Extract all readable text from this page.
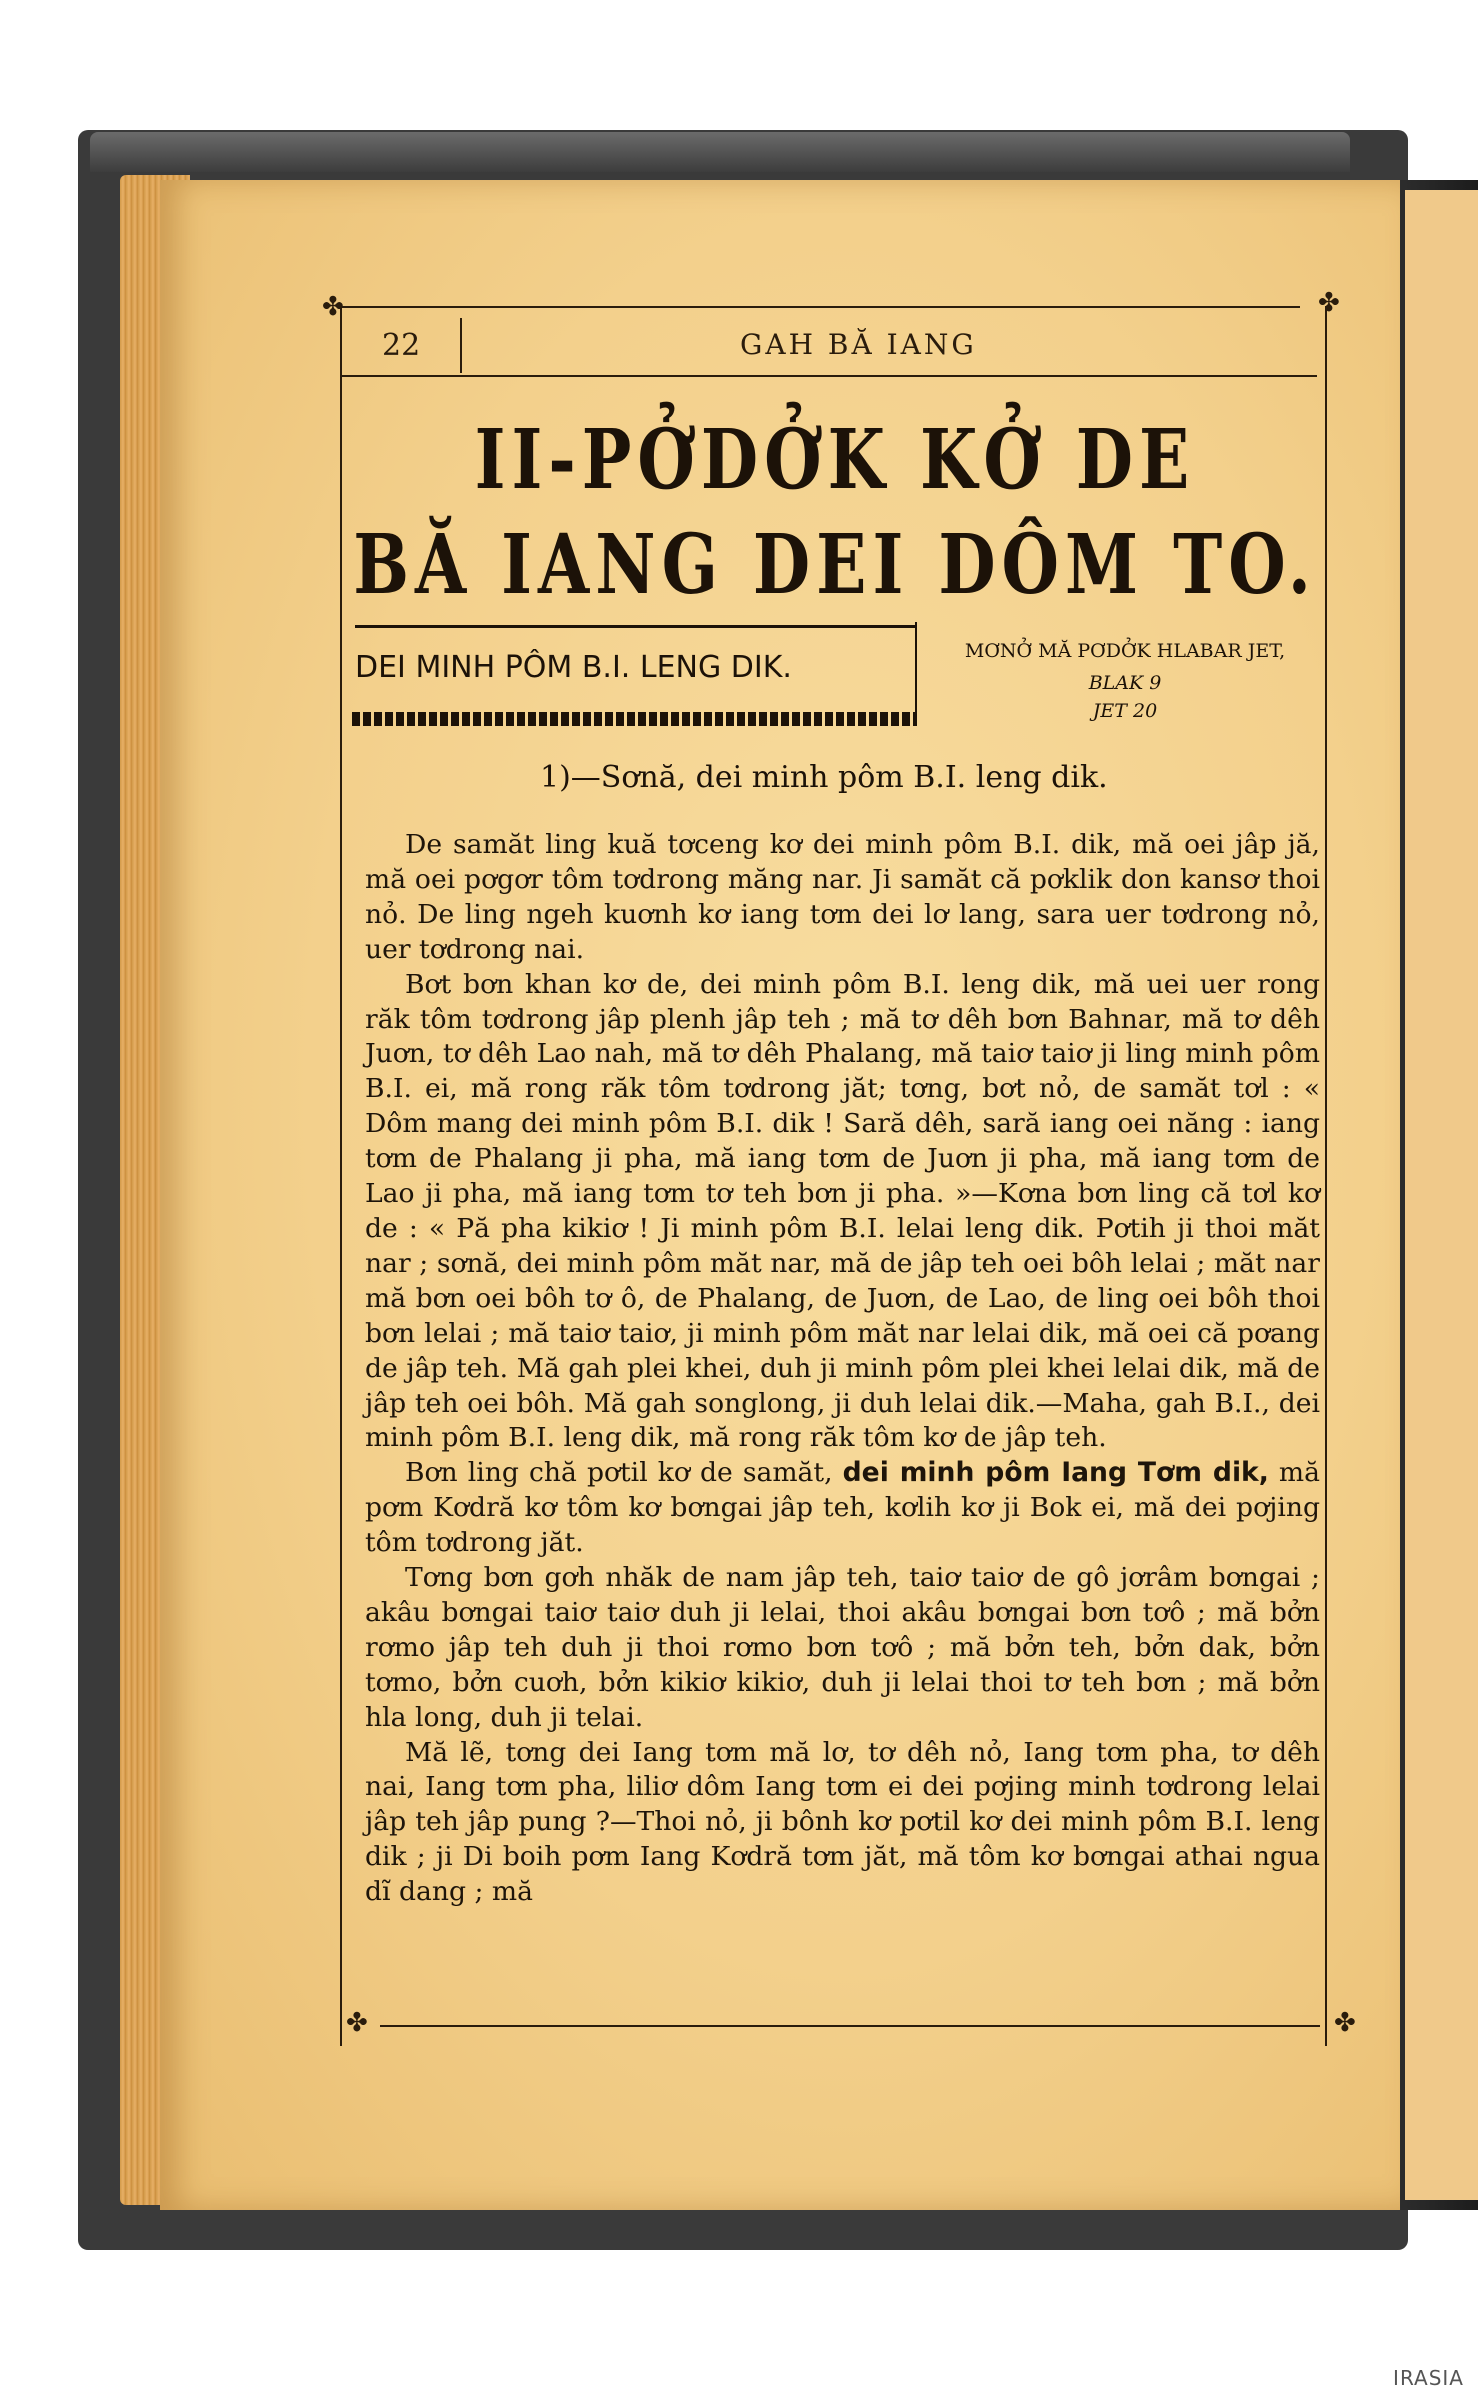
✤	✤
✤	✤
22	GAH BĂ IANG
II-PỞDỞK KỞ DE
BĂ IANG DEI DÔM TO.
DEI MINH PÔM B.I. LENG DIK.	MƠNỞ MĂ PƠDỞK HLABAR JET,
BLAK 9
JET 20
1)—Sơnă, dei minh pôm B.I. leng dik.

De samăt ling kuă tơceng kơ dei minh pôm B.I. dik, mă oei jâp jă, mă oei pơgơr tôm tơdrong măng nar. Ji samăt că pơklik don kansơ thoi nỏ. De ling ngeh kuơnh kơ iang tơm dei lơ lang, sara uer tơdrong nỏ, uer tơdrong nai.

Bơt bơn khan kơ de, dei minh pôm B.I. leng dik, mă uei uer rong răk tôm tơdrong jâp plenh jâp teh ; mă tơ dêh bơn Bahnar, mă tơ dêh Juơn, tơ dêh Lao nah, mă tơ dêh Phalang, mă taiơ taiơ ji ling minh pôm B.I. ei, mă rong răk tôm tơdrong jăt; tơng, bơt nỏ, de samăt tơl : « Dôm mang dei minh pôm B.I. dik ! Sară dêh, sară iang oei năng : iang tơm de Phalang ji pha, mă iang tơm de Juơn ji pha, mă iang tơm de Lao ji pha, mă iang tơm tơ teh bơn ji pha. »—Kơna bơn ling că tơl kơ de : « Pă pha kikiơ ! Ji minh pôm B.I. lelai leng dik. Pơtih ji thoi măt nar ; sơnă, dei minh pôm măt nar, mă de jâp teh oei bôh lelai ; măt nar mă bơn oei bôh tơ ô, de Phalang, de Juơn, de Lao, de ling oei bôh thoi bơn lelai ; mă taiơ taiơ, ji minh pôm măt nar lelai dik, mă oei că pơang de jâp teh. Mă gah plei khei, duh ji minh pôm plei khei lelai dik, mă de jâp teh oei bôh. Mă gah songlong, ji duh lelai dik.—Maha, gah B.I., dei minh pôm B.I. leng dik, mă rong răk tôm kơ de jâp teh.

Bơn ling chă pơtil kơ de samăt, dei minh pôm Iang Tơm dik, mă pơm Kơdră kơ tôm kơ bơngai jâp teh, kơlih kơ ji Bok ei, mă dei pơjing tôm tơdrong jăt.

Tơng bơn gơh nhăk de nam jâp teh, taiơ taiơ de gô jơrâm bơngai ; akâu bơngai taiơ taiơ duh ji lelai, thoi akâu bơngai bơn tơô ; mă bởn rơmo jâp teh duh ji thoi rơmo bơn tơô ; mă bởn teh, bởn dak, bởn tơmo, bởn cuơh, bởn kikiơ kikiơ, duh ji lelai thoi tơ teh bơn ; mă bởn hla long, duh ji telai.

Mă lẽ, tơng dei Iang tơm mă lơ, tơ dêh nỏ, Iang tơm pha, tơ dêh nai, Iang tơm pha, liliơ dôm Iang tơm ei dei pơjing minh tơdrong lelai jâp teh jâp pung ?—Thoi nỏ, ji bônh kơ pơtil kơ dei minh pôm B.I. leng dik ; ji Di boih pơm Iang Kơdră tơm jăt, mă tôm kơ bơngai athai ngua dĩ dang ; mă

IRASIA
